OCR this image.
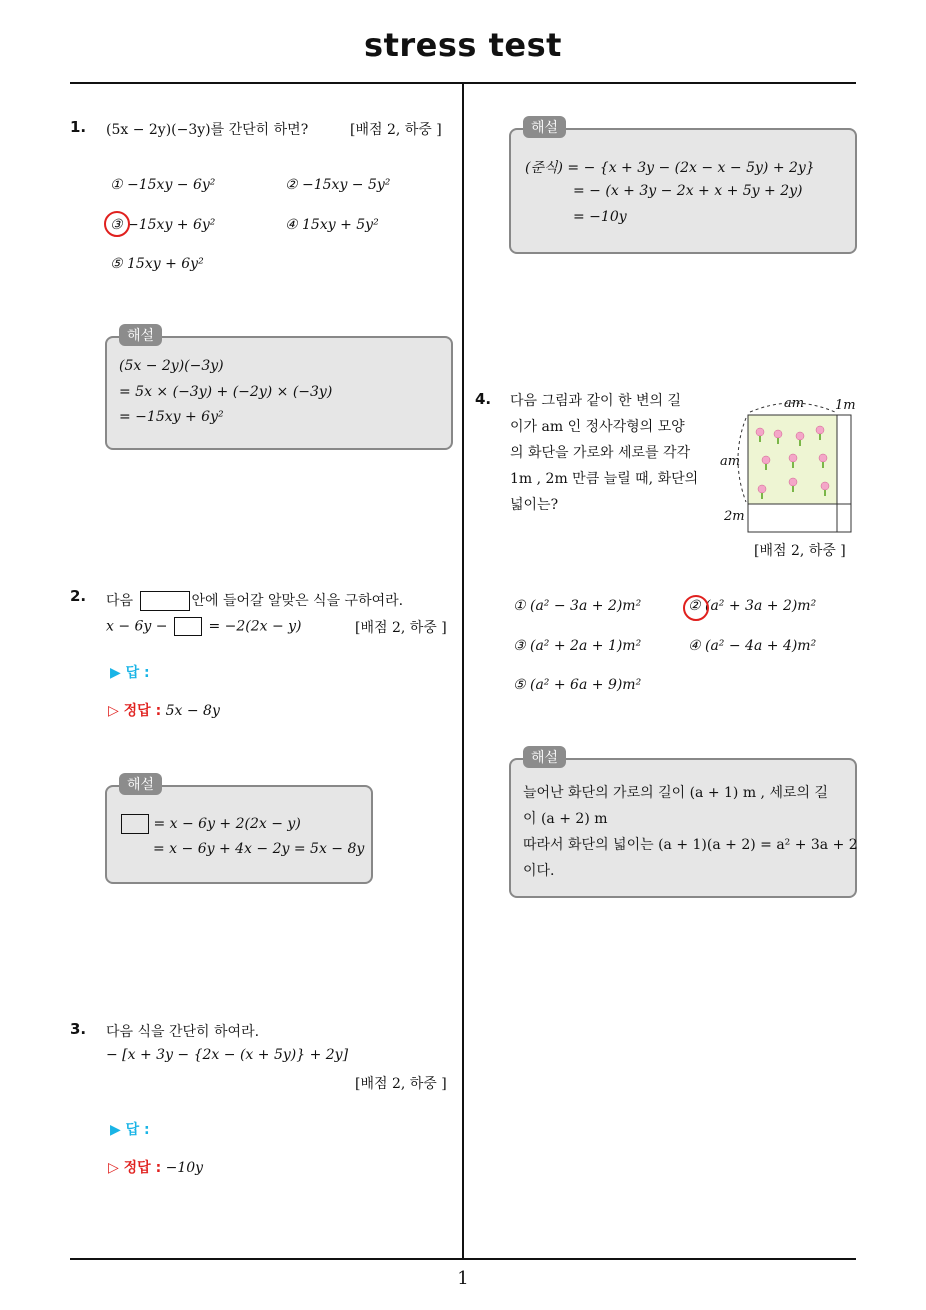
stress test
1
1. (5x − 2y)(−3y)를 간단히 하면?	[배점 2, 하중 ]
① −15xy − 6y²	② −15xy − 5y²
③ −15xy + 6y²	④ 15xy + 5y²
⑤ 15xy + 6y²
(5x − 2y)(−3y)
= 5x × (−3y) + (−2y) × (−3y)
= −15xy + 6y²
해설
2. 다음	안에 들어갈 알맞은 식을 구하여라.
x − 6y −	= −2(2x − y)	[배점 2, 하중 ]
▶ 답 :
▷ 정답 : 5x − 8y
= x − 6y + 2(2x − y)
= x − 6y + 4x − 2y = 5x − 8y
해설
3. 다음 식을 간단히 하여라.
− [x + 3y − {2x − (x + 5y)} + 2y]
[배점 2, 하중 ]
▶ 답 :
▷ 정답 : −10y
(준식) = − {x + 3y − (2x − x − 5y) + 2y}
= − (x + 3y − 2x + x + 5y + 2y)
= −10y
해설
4. 다음 그림과 같이 한 변의 길
이가 am 인 정사각형의 모양
의 화단을 가로와 세로를 각각
1m , 2m 만큼 늘릴 때, 화단의
넓이는?
am 1m
am
2m
[배점 2, 하중 ]
① (a² − 3a + 2)m²	② (a² + 3a + 2)m²
③ (a² + 2a + 1)m²	④ (a² − 4a + 4)m²
⑤ (a² + 6a + 9)m²
늘어난 화단의 가로의 길이 (a + 1) m , 세로의 길
이 (a + 2) m
따라서 화단의 넓이는 (a + 1)(a + 2) = a² + 3a + 2
이다.
해설
